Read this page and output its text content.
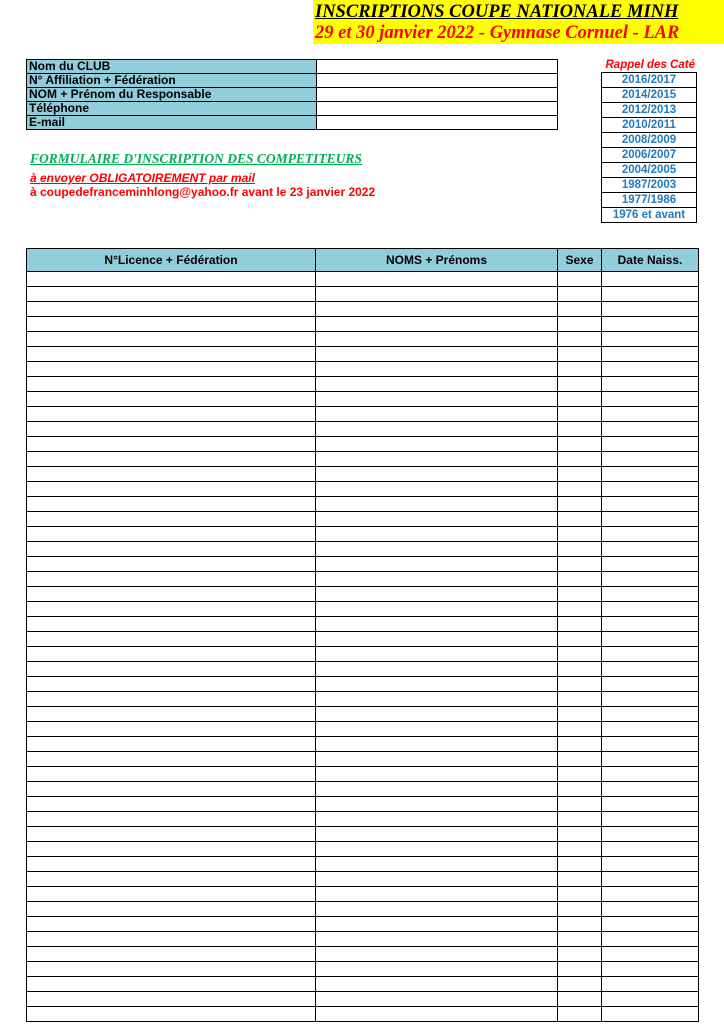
INSCRIPTIONS COUPE NATIONALE MINH
29 et 30 janvier 2022 - Gymnase Cornuel - LAR
Nom du CLUB	
N° Affiliation + Fédération	
NOM + Prénom du Responsable	
Téléphone	
E-mail	
Rappel des Caté
2016/2017
2014/2015
2012/2013
2010/2011
2008/2009
2006/2007
2004/2005
1987/2003
1977/1986
1976 et avant
FORMULAIRE D'INSCRIPTION DES COMPETITEURS
à envoyer OBLIGATOIREMENT par mail
à coupedefranceminhlong@yahoo.fr avant le 23 janvier 2022
N°Licence + Fédération	NOMS + Prénoms	Sexe	Date Naiss.
